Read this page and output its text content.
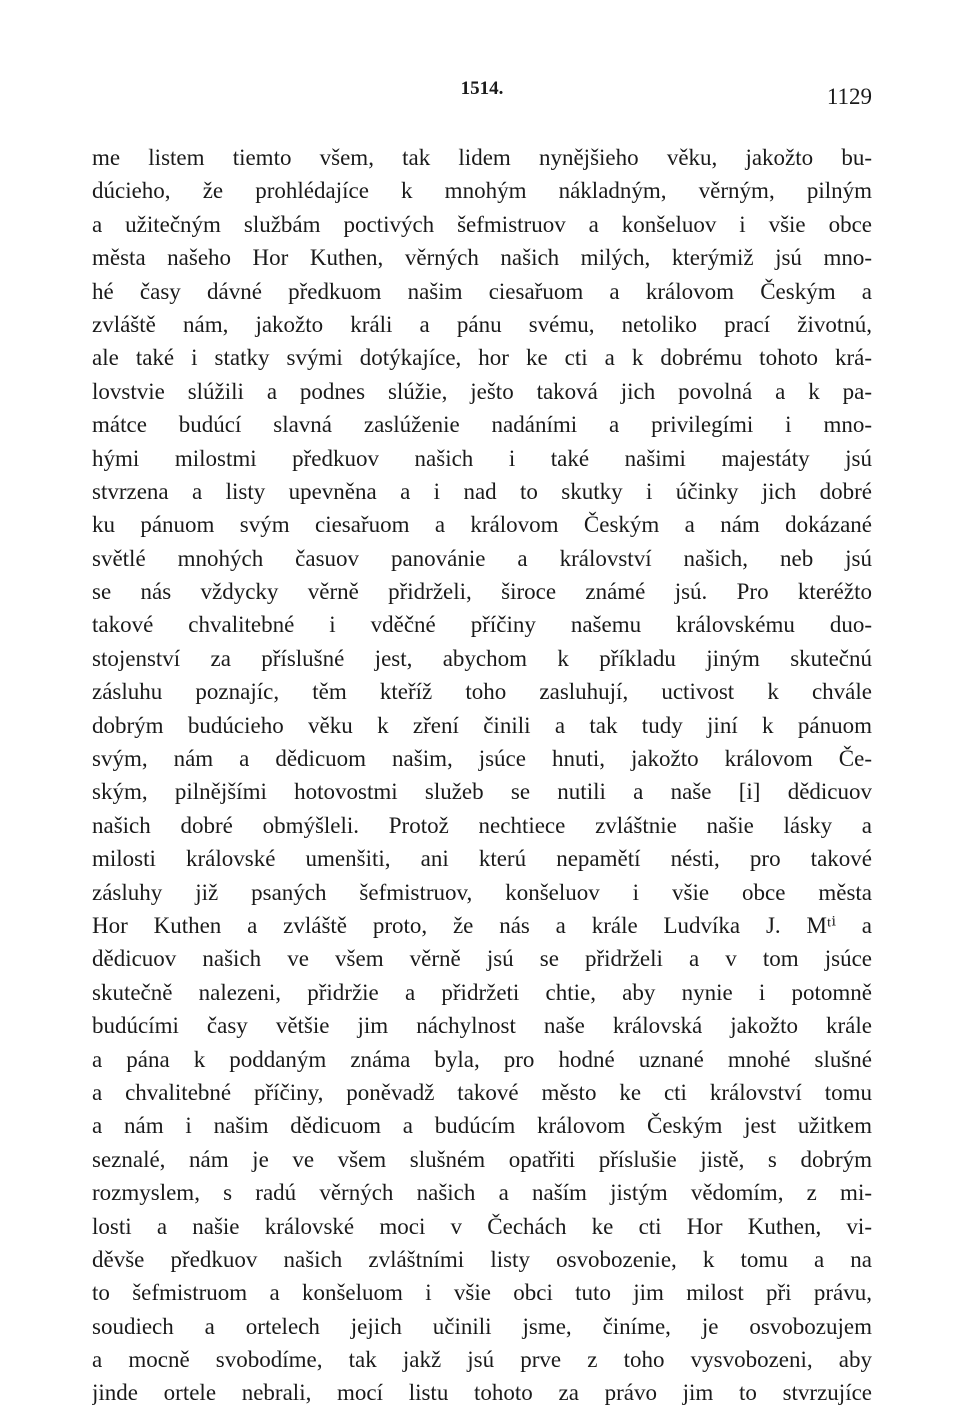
1514.	1129
me listem tiemto všem, tak lidem nynějšieho věku, jakožto bu-
dúcieho, že prohlédajíce k mnohým nákladným, věrným, pilným
a užitečným službám poctivých šefmistruov a konšeluov i všie obce
města našeho Hor Kuthen, věrných našich milých, kterýmiž jsú mno-
hé časy dávné předkuom našim ciesařuom a královom Českým a
zvláště nám, jakožto králi a pánu svému, netoliko prací životnú,
ale také i statky svými dotýkajíce, hor ke cti a k dobrému tohoto krá-
lovstvie slúžili a podnes slúžie, ješto taková jich povolná a k pa-
mátce budúcí slavná zaslúženie nadáními a privilegími i mno-
hými milostmi předkuov našich i také našimi majestáty jsú
stvrzena a listy upevněna a i nad to skutky i účinky jich dobré
ku pánuom svým ciesařuom a královom Českým a nám dokázané
světlé mnohých časuov panovánie a království našich, neb jsú
se nás vždycky věrně přidrželi, široce známé jsú. Pro kteréžto
takové chvalitebné i vděčné příčiny našemu královskému duo-
stojenství za příslušné jest, abychom k příkladu jiným skutečnú
zásluhu poznajíc, těm kteříž toho zasluhují, uctivost k chvále
dobrým budúcieho věku k zření činili a tak tudy jiní k pánuom
svým, nám a dědicuom našim, jsúce hnuti, jakožto královom Če-
ským, pilnějšími hotovostmi služeb se nutili a naše [i] dědicuov
našich dobré obmýšleli. Protož nechtiece zvláštnie našie lásky a
milosti královské umenšiti, ani kterú nepamětí nésti, pro takové
zásluhy již psaných šefmistruov, konšeluov i všie obce města
Hor Kuthen a zvláště proto, že nás a krále Ludvíka J. Mᵗⁱ a
dědicuov našich ve všem věrně jsú se přidrželi a v tom jsúce
skutečně nalezeni, přidržie a přidržeti chtie, aby nynie i potomně
budúcími časy většie jim náchylnost naše královská jakožto krále
a pána k poddaným známa byla, pro hodné uznané mnohé slušné
a chvalitebné příčiny, poněvadž takové město ke cti království tomu
a nám i našim dědicuom a budúcím královom Českým jest užitkem
seznalé, nám je ve všem slušném opatřiti příslušie jistě, s dobrým
rozmyslem, s radú věrných našich a naším jistým vědomím, z mi-
losti a našie královské moci v Čechách ke cti Hor Kuthen, vi-
děvše předkuov našich zvláštními listy osvobozenie, k tomu a na
to šefmistruom a konšeluom i všie obci tuto jim milost při právu,
soudiech a ortelech jejich učinili jsme, činíme, je osvobozujem
a mocně svobodíme, tak jakž jsú prve z toho vysvobozeni, aby
jinde ortele nebrali, mocí listu tohoto za právo jim to stvrzujíce
